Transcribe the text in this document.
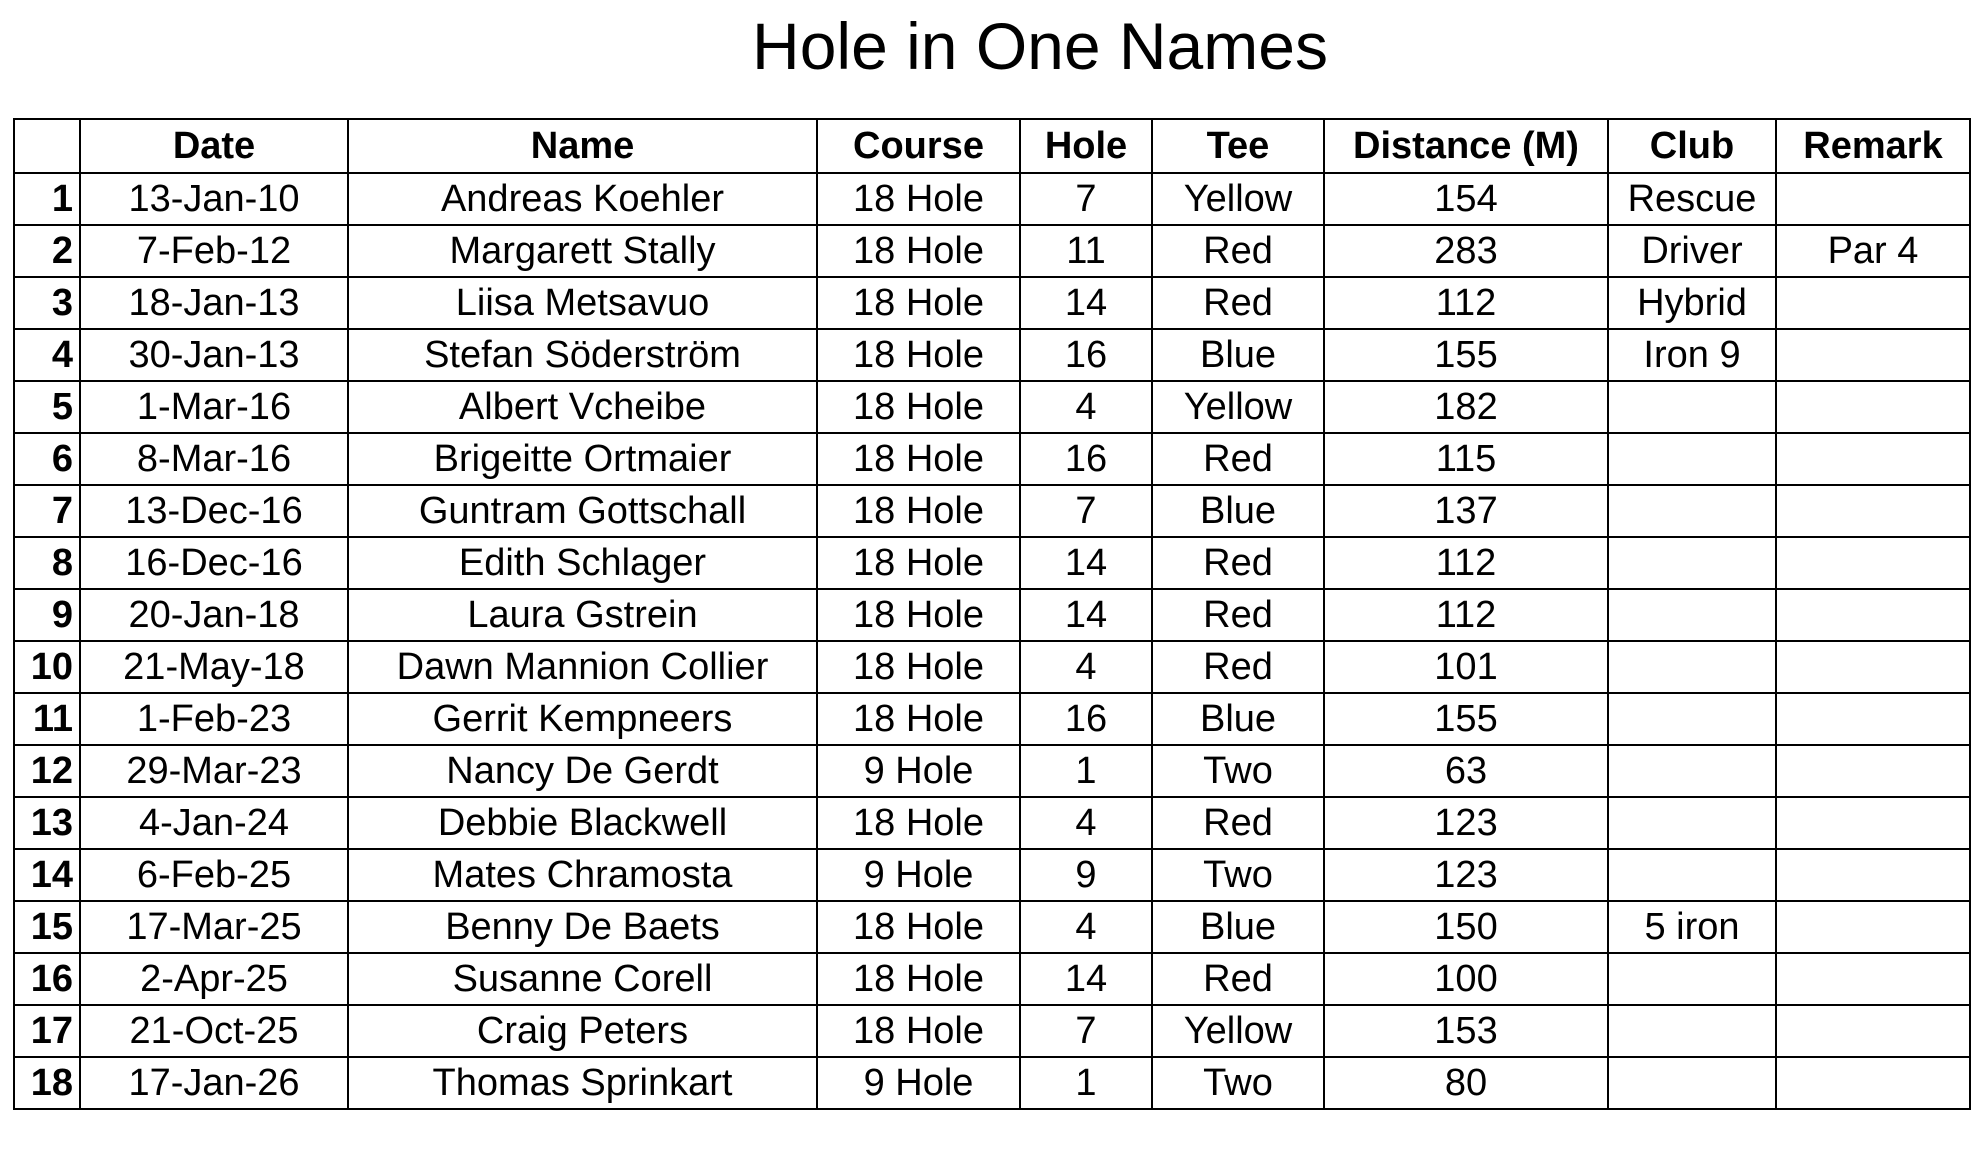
Hole in One Names
	Date	Name	Course	Hole	Tee	Distance (M)	Club	Remark
1	13-Jan-10	Andreas Koehler	18 Hole	7	Yellow	154	Rescue	
2	7-Feb-12	Margarett Stally	18 Hole	11	Red	283	Driver	Par 4
3	18-Jan-13	Liisa Metsavuo	18 Hole	14	Red	112	Hybrid	
4	30-Jan-13	Stefan Söderström	18 Hole	16	Blue	155	Iron 9	
5	1-Mar-16	Albert Vcheibe	18 Hole	4	Yellow	182		
6	8-Mar-16	Brigeitte Ortmaier	18 Hole	16	Red	115		
7	13-Dec-16	Guntram Gottschall	18 Hole	7	Blue	137		
8	16-Dec-16	Edith Schlager	18 Hole	14	Red	112		
9	20-Jan-18	Laura Gstrein	18 Hole	14	Red	112		
10	21-May-18	Dawn Mannion Collier	18 Hole	4	Red	101		
11	1-Feb-23	Gerrit Kempneers	18 Hole	16	Blue	155		
12	29-Mar-23	Nancy De Gerdt	9 Hole	1	Two	63		
13	4-Jan-24	Debbie Blackwell	18 Hole	4	Red	123		
14	6-Feb-25	Mates Chramosta	9 Hole	9	Two	123		
15	17-Mar-25	Benny De Baets	18 Hole	4	Blue	150	5 iron	
16	2-Apr-25	Susanne Corell	18 Hole	14	Red	100		
17	21-Oct-25	Craig Peters	18 Hole	7	Yellow	153		
18	17-Jan-26	Thomas Sprinkart	9 Hole	1	Two	80		
